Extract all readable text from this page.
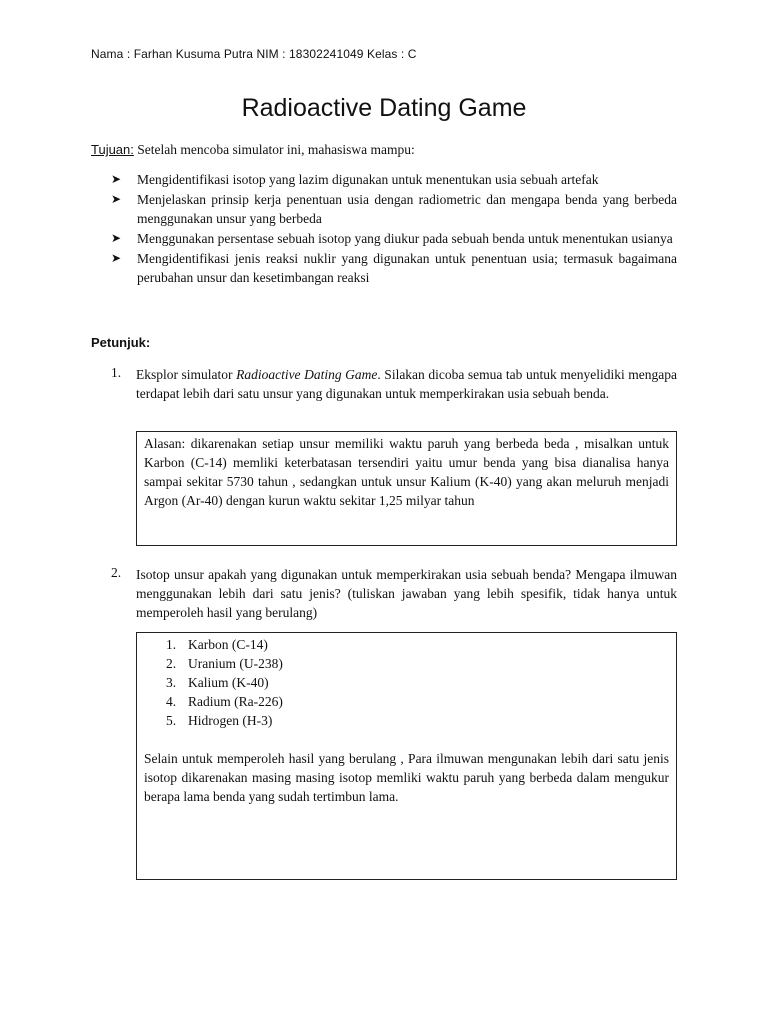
Nama : Farhan Kusuma Putra NIM : 18302241049 Kelas : C
Radioactive Dating Game
Tujuan: Setelah mencoba simulator ini, mahasiswa mampu:
➤ Mengidentifikasi isotop yang lazim digunakan untuk menentukan usia sebuah artefak
➤ Menjelaskan prinsip kerja penentuan usia dengan radiometric dan mengapa benda yang berbeda menggunakan unsur yang berbeda
➤ Menggunakan persentase sebuah isotop yang diukur pada sebuah benda untuk menentukan usianya
➤ Mengidentifikasi jenis reaksi nuklir yang digunakan untuk penentuan usia; termasuk bagaimana perubahan unsur dan kesetimbangan reaksi
Petunjuk:
1. Eksplor simulator Radioactive Dating Game. Silakan dicoba semua tab untuk menyelidiki mengapa terdapat lebih dari satu unsur yang digunakan untuk memperkirakan usia sebuah benda.
Alasan: dikarenakan setiap unsur memiliki waktu paruh yang berbeda beda , misalkan untuk Karbon (C-14) memliki keterbatasan tersendiri yaitu umur benda yang bisa dianalisa hanya sampai sekitar 5730 tahun , sedangkan untuk unsur Kalium (K-40) yang akan meluruh menjadi Argon (Ar-40) dengan kurun waktu sekitar 1,25 milyar tahun
2. Isotop unsur apakah yang digunakan untuk memperkirakan usia sebuah benda? Mengapa ilmuwan menggunakan lebih dari satu jenis? (tuliskan jawaban yang lebih spesifik, tidak hanya untuk memperoleh hasil yang berulang)
1. Karbon (C-14)
2. Uranium (U-238)
3. Kalium (K-40)
4. Radium (Ra-226)
5. Hidrogen (H-3)
Selain untuk memperoleh hasil yang berulang , Para ilmuwan mengunakan lebih dari satu jenis isotop dikarenakan masing masing isotop memliki waktu paruh yang berbeda dalam mengukur berapa lama benda yang sudah tertimbun lama.
